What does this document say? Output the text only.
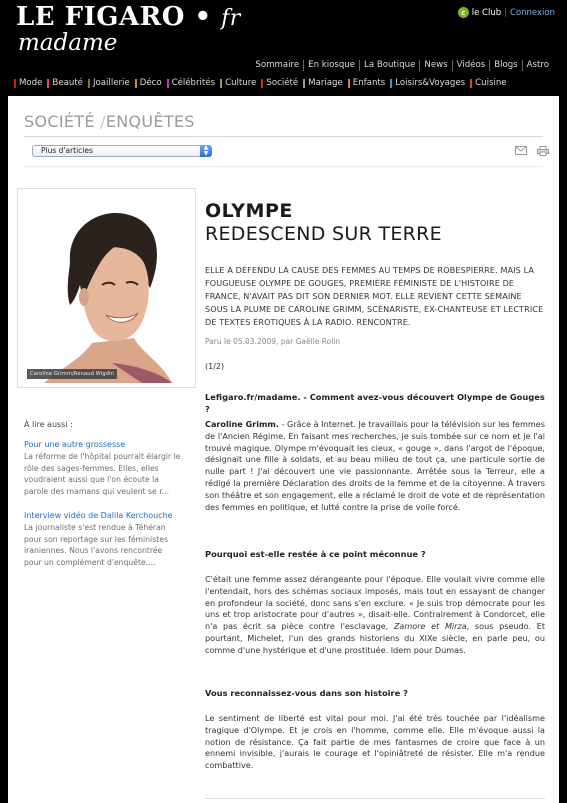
LE FIGARO • fr
madame
c le Club | Connexion
Sommaire	En kiosque	La Boutique	News	Vidéos	Blogs	Astro
Mode Beauté Joaillerie Déco Célébrités Culture Société Mariage Enfants Loisirs&Voyages Cuisine
SOCIÉTÉ /ENQUÊTES
Plus d'articles	▲
▼
Caroline Grimm/Renaud Wigdin
À lire aussi :
Pour une autre grossesse
La réforme de l'hôpital pourrait élargir le rôle des sages-femmes. Elles, elles voudraient aussi que l'on écoute la parole des mamans qui veulent se r...
Interview vidéo de Dalila Kerchouche
La journaliste s'est rendue à Téhéran pour son reportage sur les féministes iraniennes. Nous l'avons rencontrée pour un complément d'enquête....
OLYMPE
REDESCEND SUR TERRE
ELLE A DÉFENDU LA CAUSE DES FEMMES AU TEMPS DE ROBESPIERRE. MAIS LA FOUGUEUSE OLYMPE DE GOUGES, PREMIÈRE FÉMINISTE DE L'HISTOIRE DE FRANCE, N'AVAIT PAS DIT SON DERNIER MOT. ELLE REVIENT CETTE SEMAINE SOUS LA PLUME DE CAROLINE GRIMM, SCÉNARISTE, EX-CHANTEUSE ET LECTRICE DE TEXTES ÉROTIQUES À LA RADIO. RENCONTRE.
Paru le 05.03.2009, par Gaëlle Rolin
(1/2)
Lefigaro.fr/madame. - Comment avez-vous découvert Olympe de Gouges ?
Caroline Grimm. - Grâce à Internet. Je travaillais pour la télévision sur les femmes de l'Ancien Régime. En faisant mes recherches, je suis tombée sur ce nom et je l'ai trouvé magique. Olympe m'évoquait les cieux, « gouge », dans l'argot de l'époque, désignait une fille à soldats, et au beau milieu de tout ça, une particule sortie de nulle part ! J'ai découvert une vie passionnante. Arrêtée sous la Terreur, elle a rédigé la première Déclaration des droits de la femme et de la citoyenne. À travers son théâtre et son engagement, elle a réclamé le droit de vote et de représentation des femmes en politique, et lutté contre la prise de voile forcé.
Pourquoi est-elle restée à ce point méconnue ?
C'était une femme assez dérangeante pour l'époque. Elle voulait vivre comme elle l'entendait, hors des schémas sociaux imposés, mais tout en essayant de changer en profondeur la société, donc sans s'en exclure. « Je suis trop démocrate pour les uns et trop aristocrate pour d'autres », disait-elle. Contrairement à Condorcet, elle n'a pas écrit sa pièce contre l'esclavage, Zamore et Mirza, sous pseudo. Et pourtant, Michelet, l'un des grands historiens du XIXe siècle, en parle peu, ou comme d'une hystérique et d'une prostituée. Idem pour Dumas.
Vous reconnaissez-vous dans son histoire ?
Le sentiment de liberté est vital pour moi. J'ai été très touchée par l'idéalisme tragique d'Olympe. Et je crois en l'homme, comme elle. Elle m'évoque aussi la notion de résistance. Ça fait partie de mes fantasmes de croire que face à un ennemi invisible, j'aurais le courage et l'opiniâtreté de résister. Elle m'a rendue combattive.
